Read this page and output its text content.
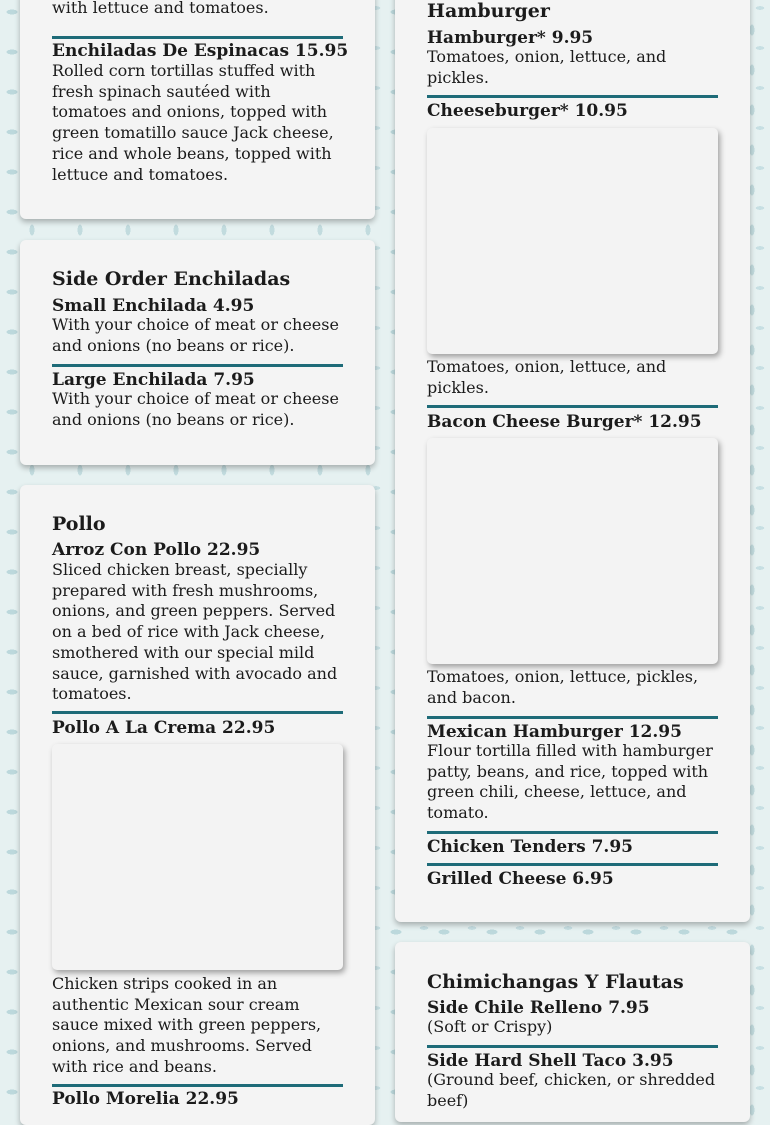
with lettuce and tomatoes.

Enchiladas De Espinacas 15.95

Rolled corn tortillas stuffed with fresh spinach sautéed with tomatoes and onions, topped with green tomatillo sauce Jack cheese, rice and whole beans, topped with lettuce and tomatoes.

Side Order Enchiladas

Small Enchilada 4.95

With your choice of meat or cheese and onions (no beans or rice).

Large Enchilada 7.95

With your choice of meat or cheese and onions (no beans or rice).

Pollo

Arroz Con Pollo 22.95

Sliced chicken breast, specially prepared with fresh mushrooms, onions, and green peppers. Served on a bed of rice with Jack cheese, smothered with our special mild sauce, garnished with avocado and tomatoes.

Pollo A La Crema 22.95

Chicken strips cooked in an authentic Mexican sour cream sauce mixed with green peppers, onions, and mushrooms. Served with rice and beans.

Pollo Morelia 22.95

Hamburger

Hamburger* 9.95

Tomatoes, onion, lettuce, and pickles.

Cheeseburger* 10.95

Tomatoes, onion, lettuce, and pickles.

Bacon Cheese Burger* 12.95

Tomatoes, onion, lettuce, pickles, and bacon.

Mexican Hamburger 12.95

Flour tortilla filled with hamburger patty, beans, and rice, topped with green chili, cheese, lettuce, and tomato.

Chicken Tenders 7.95

Grilled Cheese 6.95

Chimichangas Y Flautas

Side Chile Relleno 7.95

(Soft or Crispy)

Side Hard Shell Taco 3.95

(Ground beef, chicken, or shredded beef)
